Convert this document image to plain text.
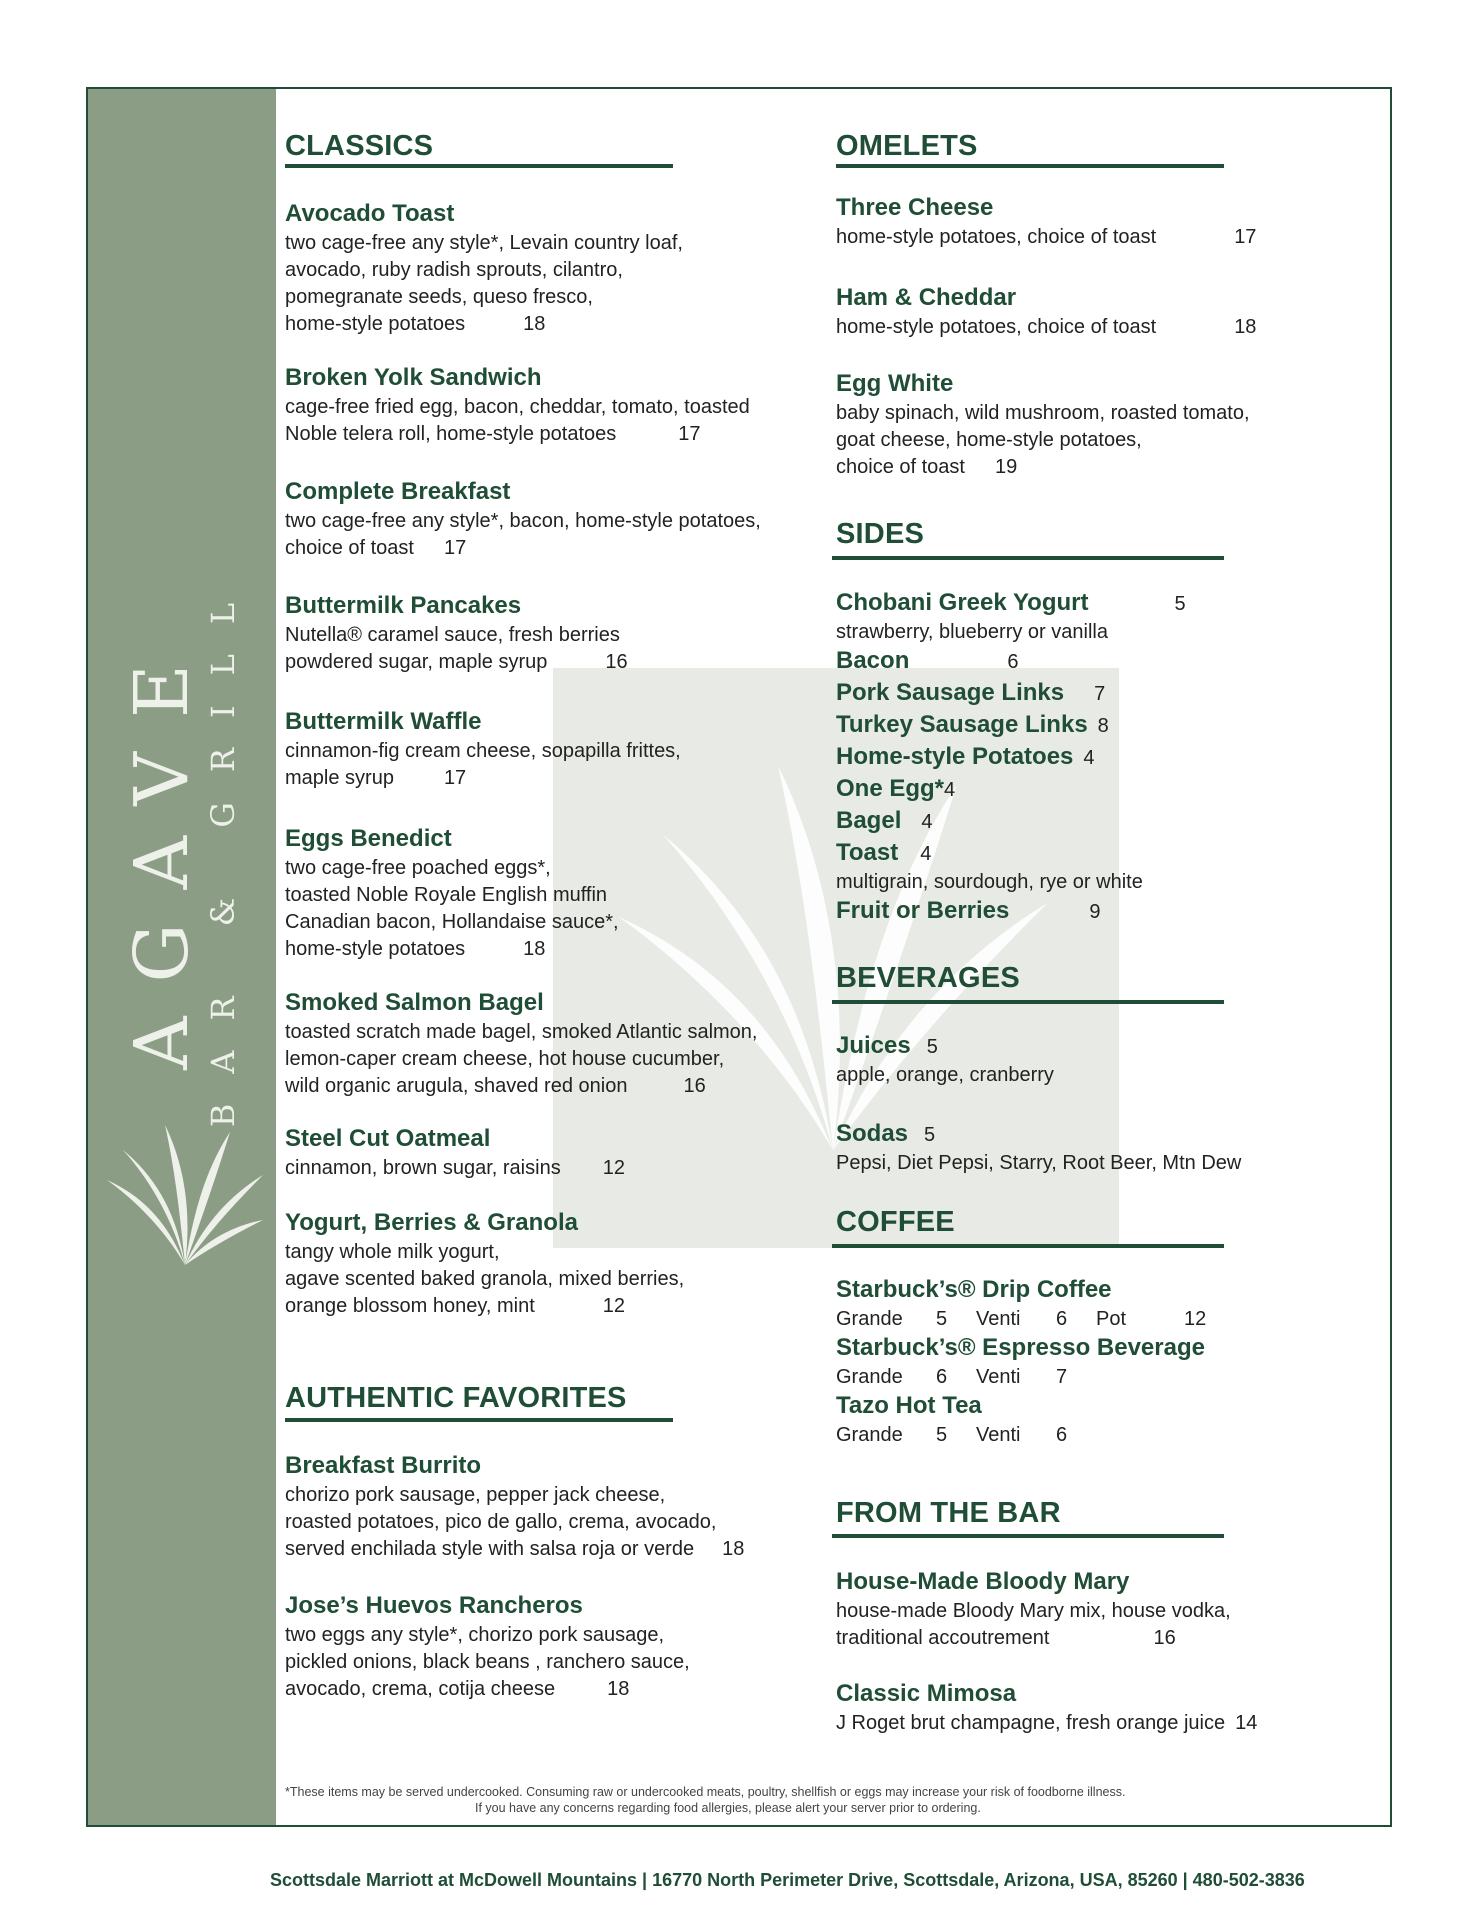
AGAVE BAR & GRILL
CLASSICS
Avocado Toast
two cage-free any style*, Levain country loaf,
avocado, ruby radish sprouts, cilantro,
pomegranate seeds, queso fresco,
home-style potatoes	18
Broken Yolk Sandwich
cage-free fried egg, bacon, cheddar, tomato, toasted
Noble telera roll, home-style potatoes	17
Complete Breakfast
two cage-free any style*, bacon, home-style potatoes,
choice of toast 17
Buttermilk Pancakes
Nutella® caramel sauce, fresh berries
powdered sugar, maple syrup	16
Buttermilk Waffle
cinnamon-fig cream cheese, sopapilla frittes,
maple syrup	17
Eggs Benedict
two cage-free poached eggs*,
toasted Noble Royale English muffin
Canadian bacon, Hollandaise sauce*,
home-style potatoes	18
Smoked Salmon Bagel
toasted scratch made bagel, smoked Atlantic salmon,
lemon-caper cream cheese, hot house cucumber,
wild organic arugula, shaved red onion	16
Steel Cut Oatmeal
cinnamon, brown sugar, raisins 12
Yogurt, Berries & Granola
tangy whole milk yogurt,
agave scented baked granola, mixed berries,
orange blossom honey, mint	12
AUTHENTIC FAVORITES
Breakfast Burrito
chorizo pork sausage, pepper jack cheese,
roasted potatoes, pico de gallo, crema, avocado,
served enchilada style with salsa roja or verde 18
Jose’s Huevos Rancheros
two eggs any style*, chorizo pork sausage,
pickled onions, black beans , ranchero sauce,
avocado, crema, cotija cheese	18
OMELETS
Three Cheese
home-style potatoes, choice of toast	17
Ham & Cheddar
home-style potatoes, choice of toast	18
Egg White
baby spinach, wild mushroom, roasted tomato,
goat cheese, home-style potatoes,
choice of toast 19
SIDES
Chobani Greek Yogurt	5
strawberry, blueberry or vanilla
Bacon	6
Pork Sausage Links 7
Turkey Sausage Links 8
Home-style Potatoes 4
One Egg*4
Bagel 4
Toast 4
multigrain, sourdough, rye or white
Fruit or Berries	9
BEVERAGES
Juices 5
apple, orange, cranberry
Sodas 5
Pepsi, Diet Pepsi, Starry, Root Beer, Mtn Dew
COFFEE
Starbuck’s® Drip Coffee
Grande 5 Venti 6 Pot	12
Starbuck’s® Espresso Beverage
Grande 6 Venti 7
Tazo Hot Tea
Grande 5 Venti 6
FROM THE BAR
House-Made Bloody Mary
house-made Bloody Mary mix, house vodka,
traditional accoutrement	16
Classic Mimosa
J Roget brut champagne, fresh orange juice 14
*These items may be served undercooked. Consuming raw or undercooked meats, poultry, shellfish or eggs may increase your risk of foodborne illness.
If you have any concerns regarding food allergies, please alert your server prior to ordering.
Scottsdale Marriott at McDowell Mountains | 16770 North Perimeter Drive, Scottsdale, Arizona, USA, 85260 | 480-502-3836
